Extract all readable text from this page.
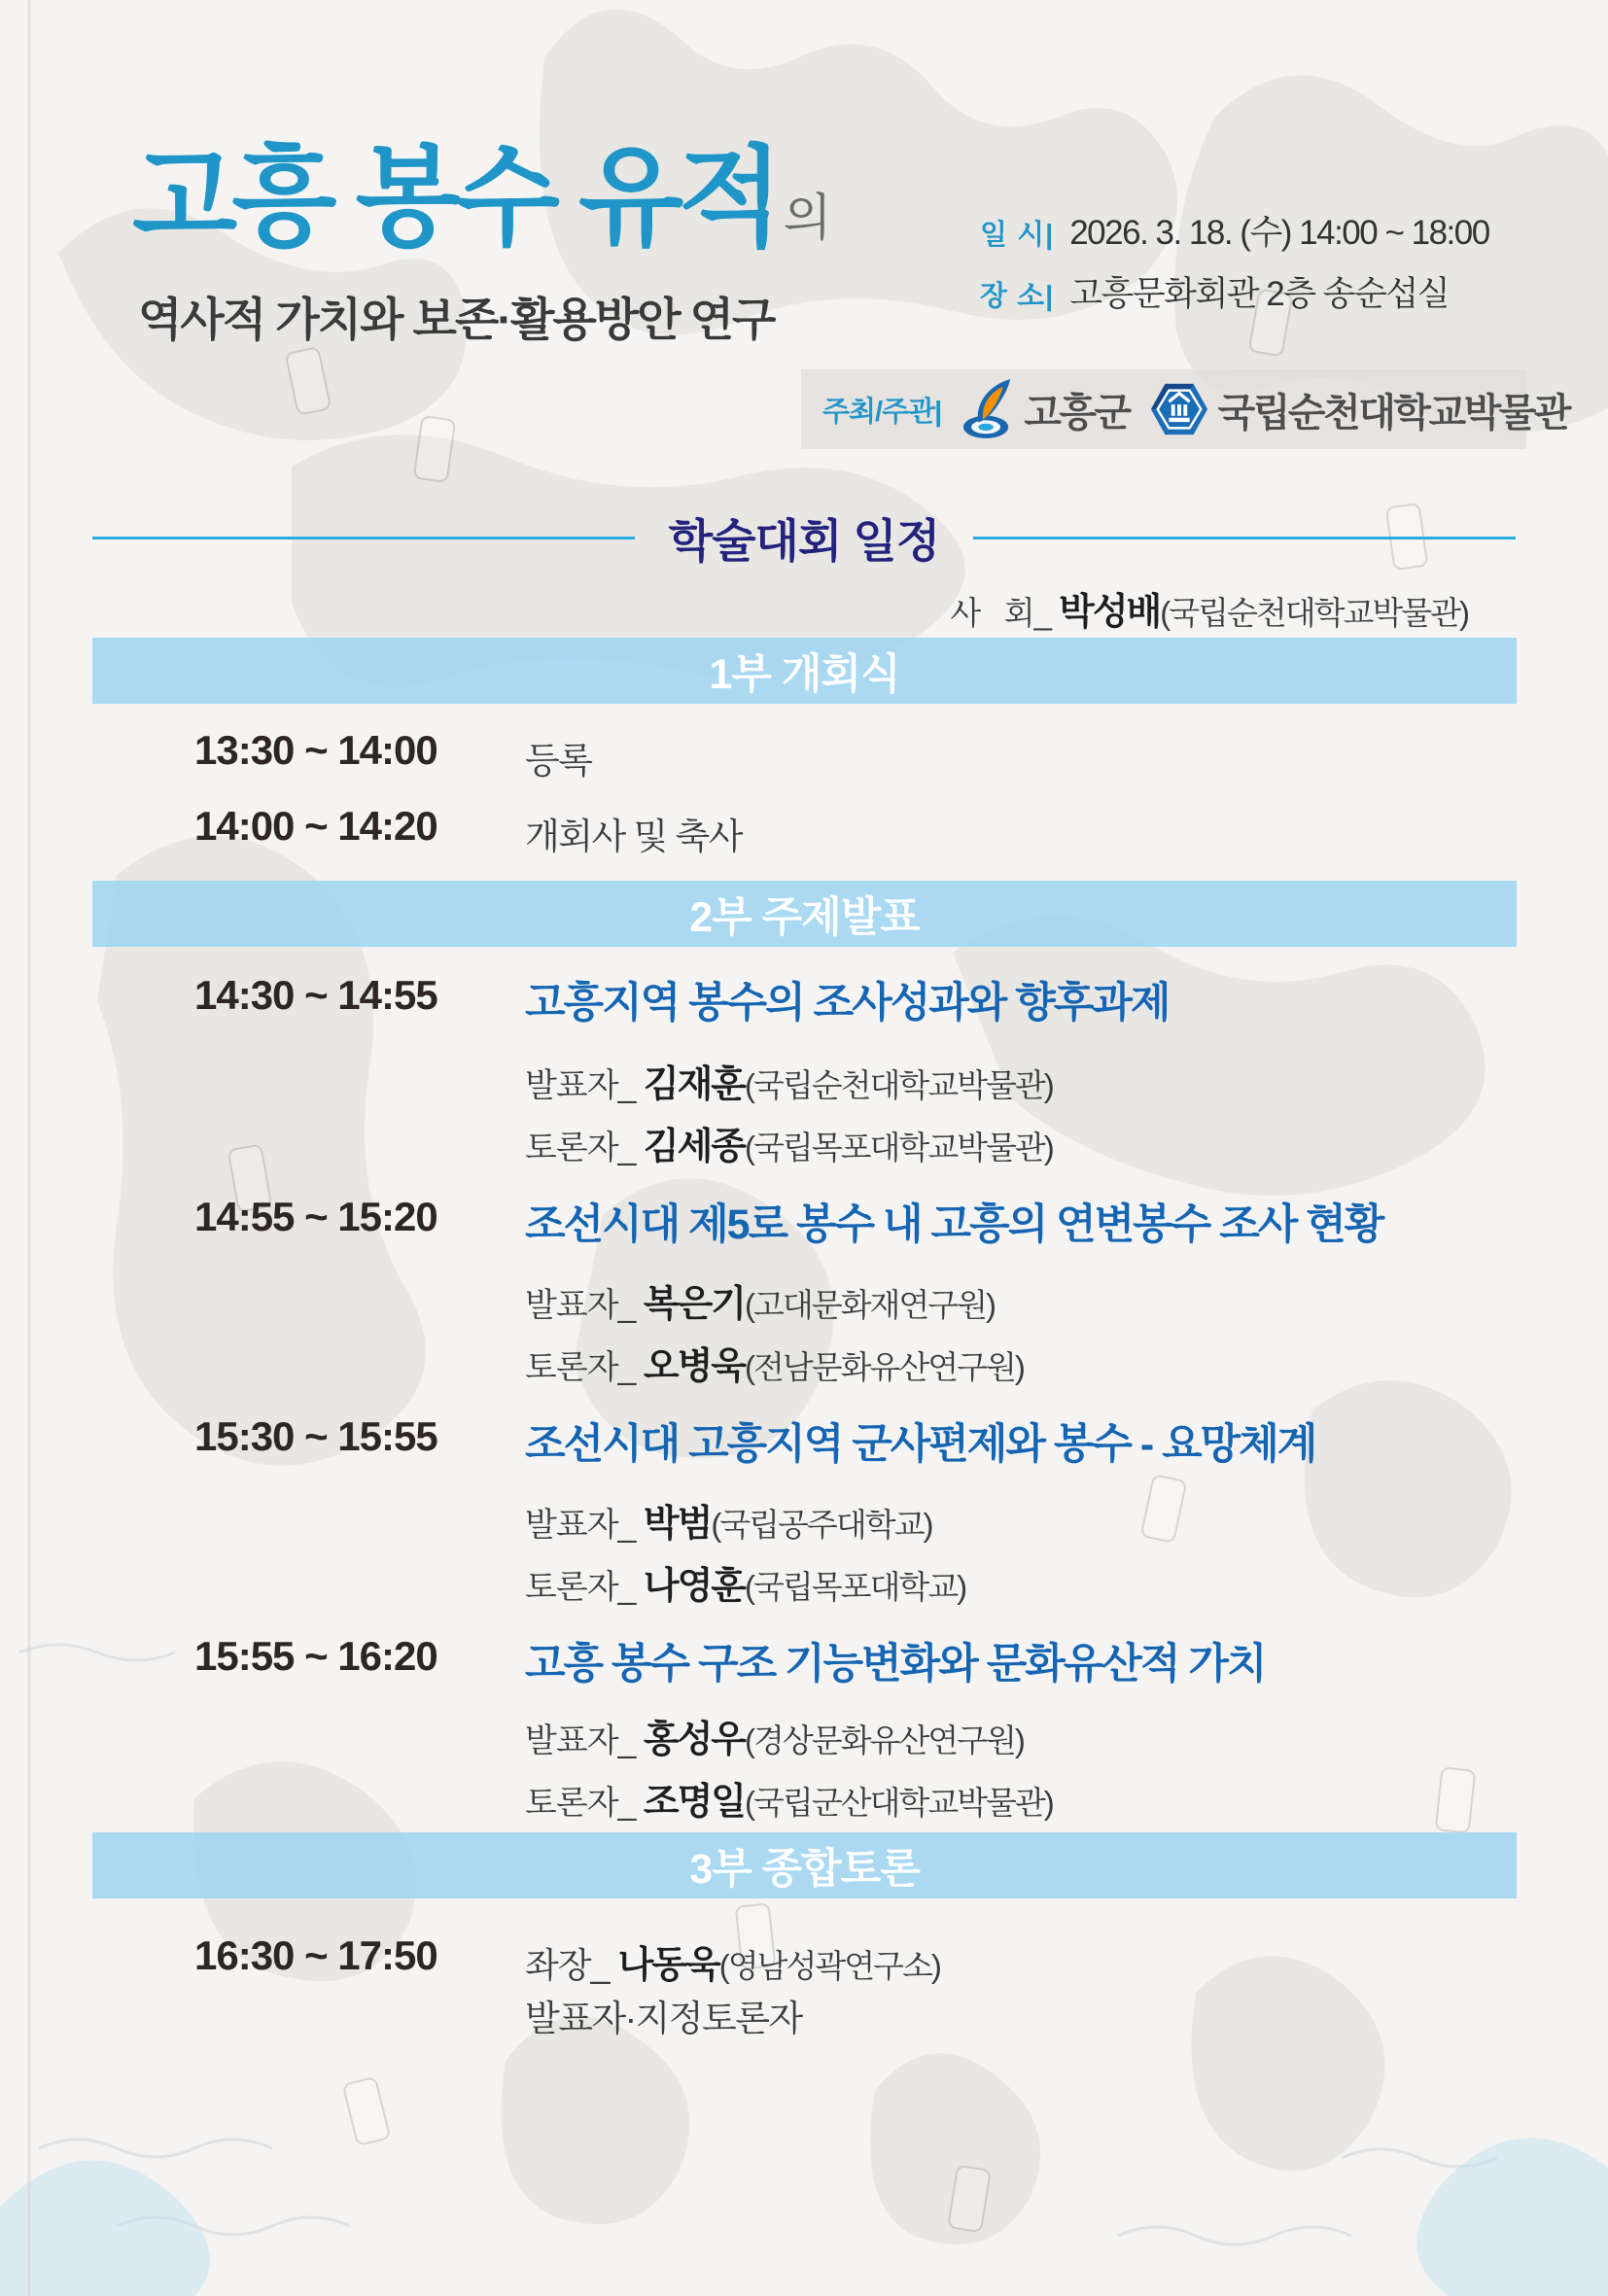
고흥 봉수 유적 의
역사적 가치와 보존·활용방안 연구
일 시| 2026. 3. 18. (수) 14:00 ~ 18:00
장 소| 고흥문화회관 2층 송순섭실
주최/주관| 고흥군 국립순천대학교박물관
학술대회 일정
사   회_ 박성배(국립순천대학교박물관)
1부 개회식
13:30 ~ 14:00 등록
14:00 ~ 14:20 개회사 및 축사
2부 주제발표
14:30 ~ 14:55 고흥지역 봉수의 조사성과와 향후과제
발표자_ 김재훈(국립순천대학교박물관)
토론자_ 김세종(국립목포대학교박물관)
14:55 ~ 15:20 조선시대 제5로 봉수 내 고흥의 연변봉수 조사 현황
발표자_ 복은기(고대문화재연구원)
토론자_ 오병욱(전남문화유산연구원)
15:30 ~ 15:55 조선시대 고흥지역 군사편제와 봉수 - 요망체계
발표자_ 박범(국립공주대학교)
토론자_ 나영훈(국립목포대학교)
15:55 ~ 16:20 고흥 봉수 구조 기능변화와 문화유산적 가치
발표자_ 홍성우(경상문화유산연구원)
토론자_ 조명일(국립군산대학교박물관)
3부 종합토론
16:30 ~ 17:50	좌장_ 나동욱(영남성곽연구소)
발표자·지정토론자
